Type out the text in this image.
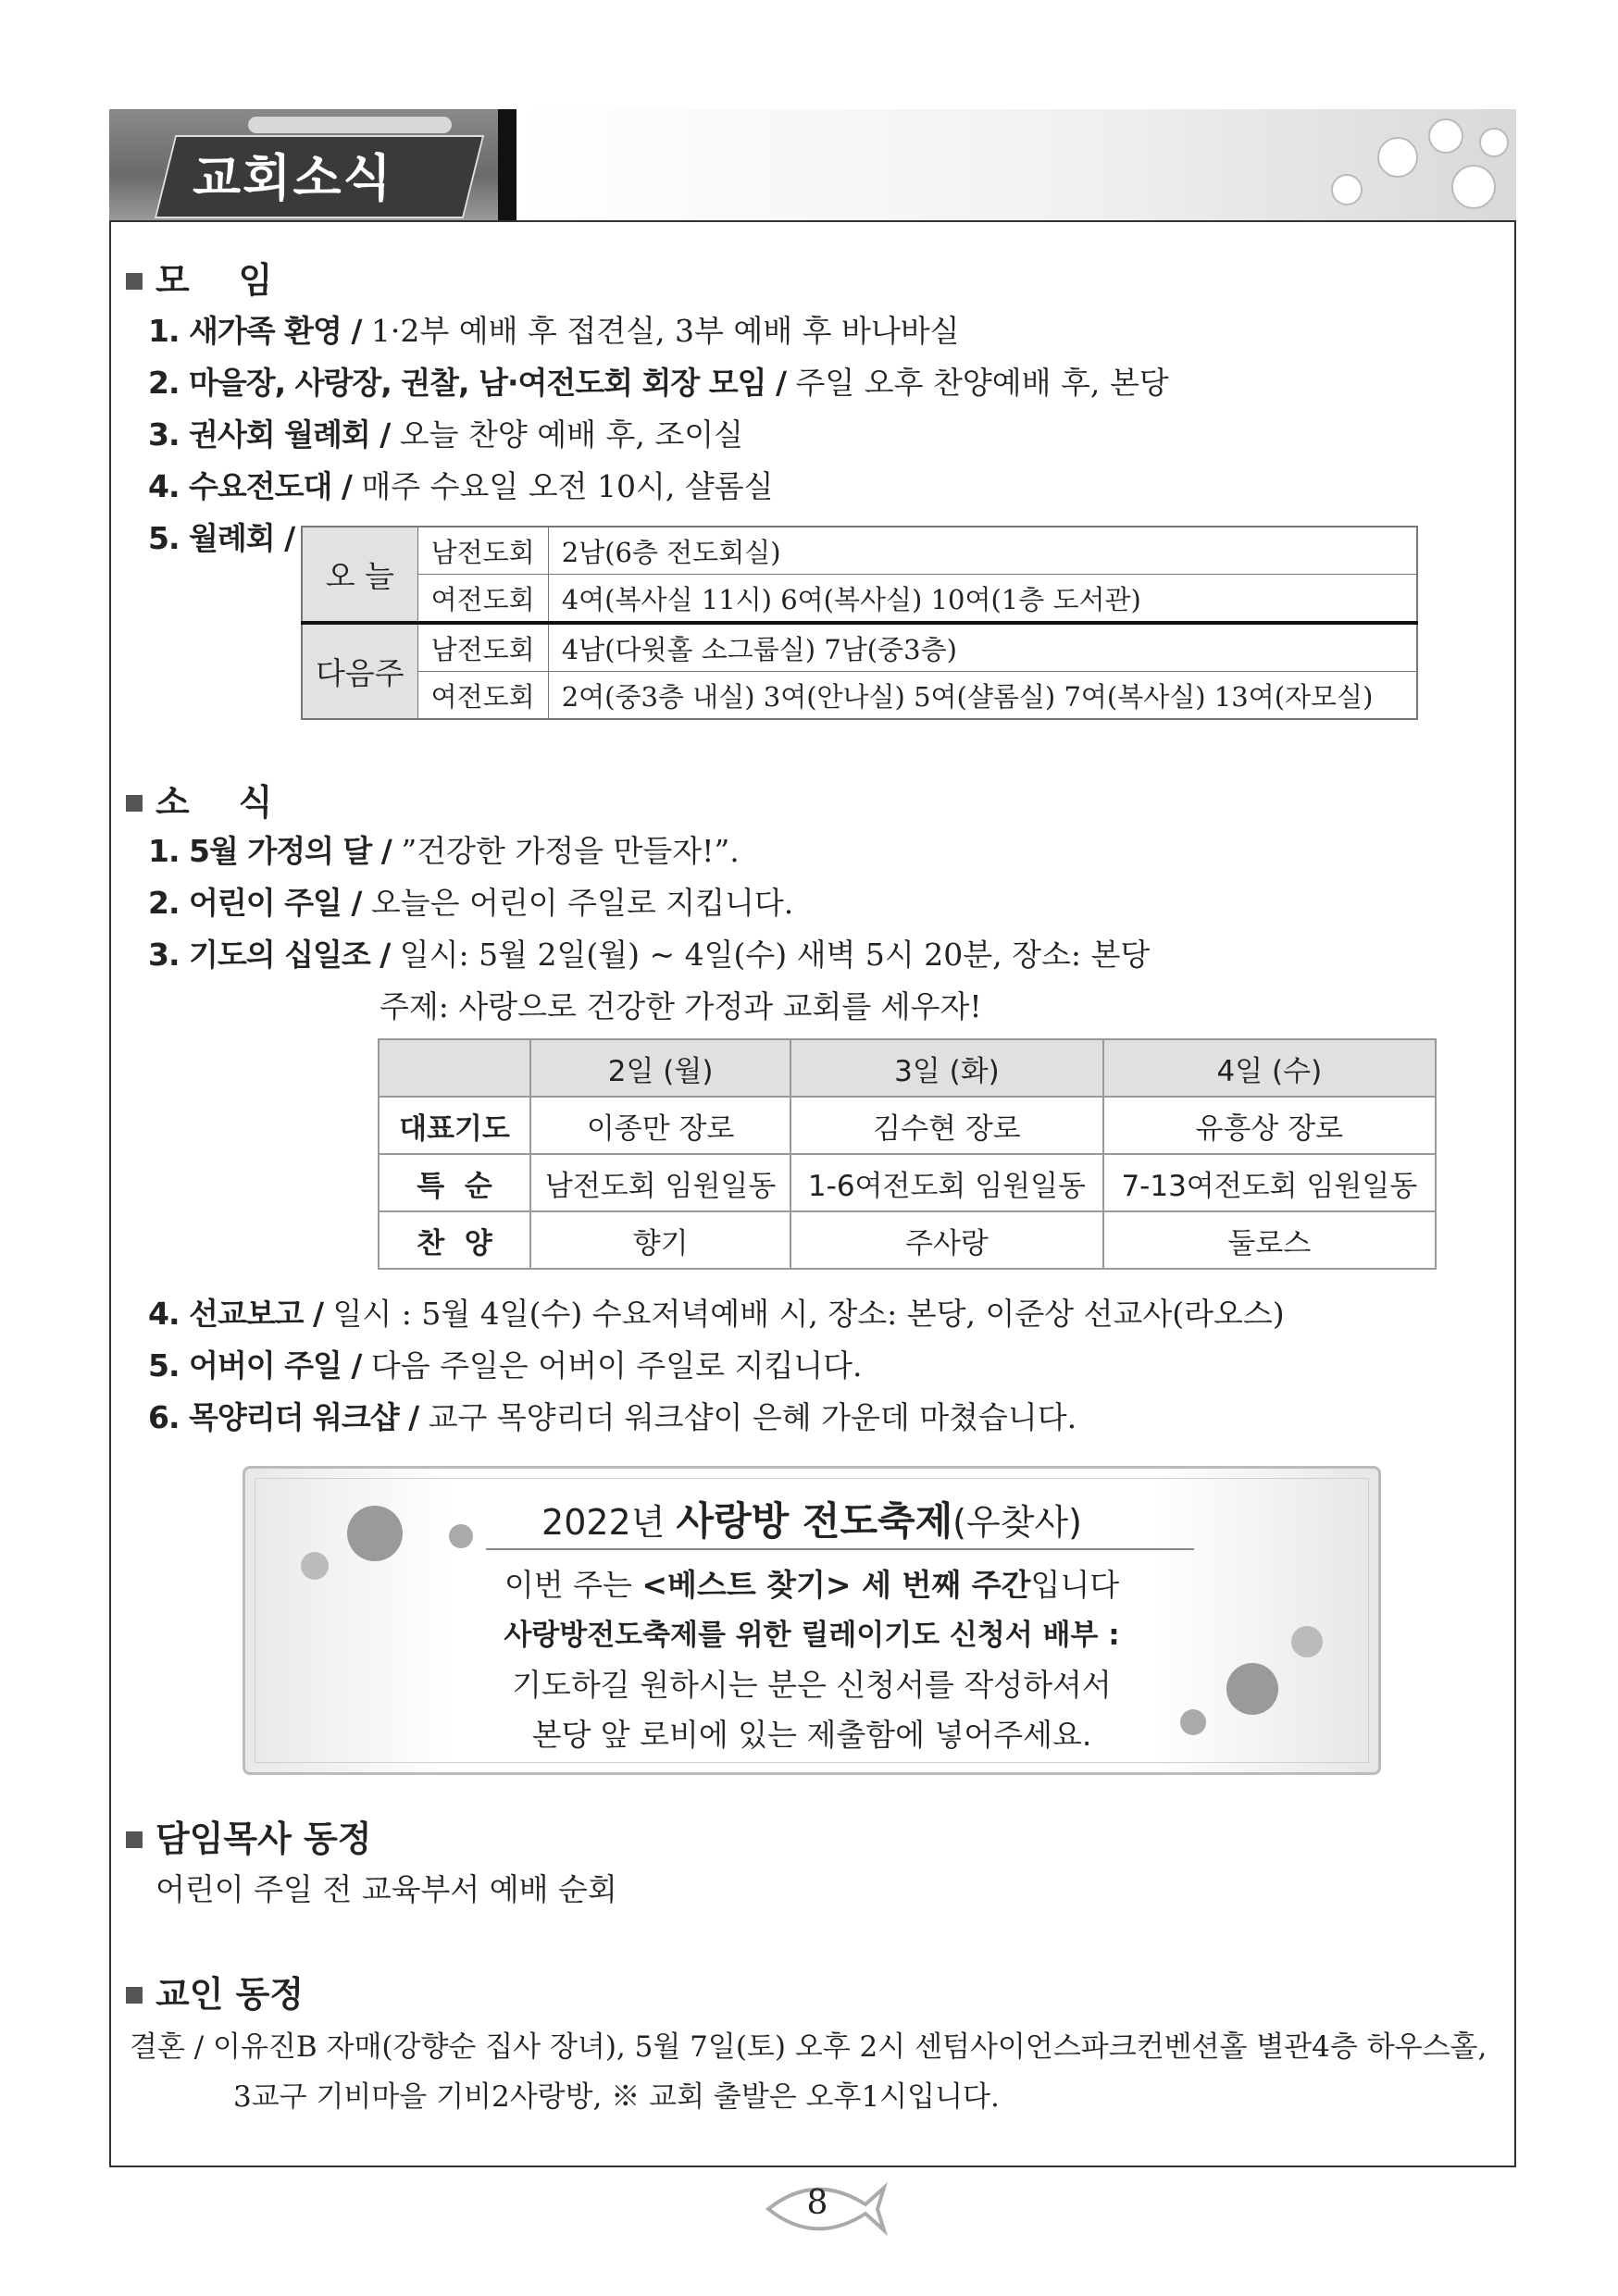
교회소식
모    임
1. 새가족 환영 / 1·2부 예배 후 접견실, 3부 예배 후 바나바실
2. 마을장, 사랑장, 권찰, 남·여전도회 회장 모임 / 주일 오후 찬양예배 후, 본당
3. 권사회 월례회 / 오늘 찬양 예배 후, 조이실
4. 수요전도대 / 매주 수요일 오전 10시, 샬롬실
5. 월례회 /
오 늘	남전도회	2남(6층 전도회실)
	여전도회	4여(복사실 11시) 6여(복사실) 10여(1층 도서관)
다음주	남전도회	4남(다윗홀 소그룹실) 7남(중3층)
	여전도회	2여(중3층 내실) 3여(안나실) 5여(샬롬실) 7여(복사실) 13여(자모실)
소    식
1. 5월 가정의 달 / ”건강한 가정을 만들자!”.
2. 어린이 주일 / 오늘은 어린이 주일로 지킵니다.
3. 기도의 십일조 / 일시: 5월 2일(월) ~ 4일(수) 새벽 5시 20분, 장소: 본당
주제: 사랑으로 건강한 가정과 교회를 세우자!
	2일 (월)	3일 (화)	4일 (수)
대표기도	이종만 장로	김수현 장로	유흥상 장로
특  순	남전도회 임원일동	1-6여전도회 임원일동	7-13여전도회 임원일동
찬  양	향기	주사랑	둘로스
4. 선교보고 / 일시 : 5월 4일(수) 수요저녁예배 시, 장소: 본당, 이준상 선교사(라오스)
5. 어버이 주일 / 다음 주일은 어버이 주일로 지킵니다.
6. 목양리더 워크샵 / 교구 목양리더 워크샵이 은혜 가운데 마쳤습니다.
2022년 사랑방 전도축제(우찾사)
이번 주는 <베스트 찾기> 세 번째 주간입니다
사랑방전도축제를 위한 릴레이기도 신청서 배부 :
기도하길 원하시는 분은 신청서를 작성하셔서
본당 앞 로비에 있는 제출함에 넣어주세요.
담임목사 동정
어린이 주일 전 교육부서 예배 순회
교인 동정
결혼 / 이유진B 자매(강향순 집사 장녀), 5월 7일(토) 오후 2시 센텀사이언스파크컨벤션홀 별관4층 하우스홀,
3교구 기비마을 기비2사랑방, ※ 교회 출발은 오후1시입니다.
8
